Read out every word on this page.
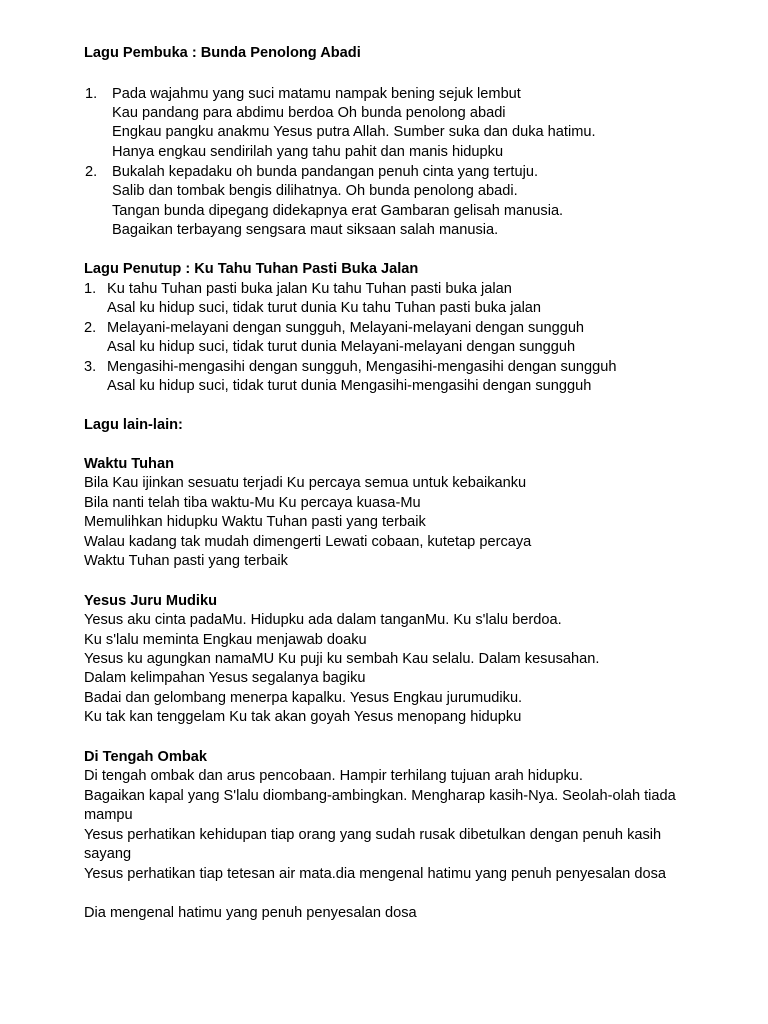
Lagu Pembuka : Bunda Penolong Abadi
1. Pada wajahmu yang suci matamu nampak bening sejuk lembut
Kau pandang para abdimu berdoa Oh bunda penolong abadi
Engkau pangku anakmu Yesus putra Allah. Sumber suka dan duka hatimu.
Hanya engkau sendirilah yang tahu pahit dan manis hidupku
2. Bukalah kepadaku oh bunda pandangan penuh cinta yang tertuju.
Salib dan tombak bengis dilihatnya. Oh bunda penolong abadi.
Tangan bunda dipegang didekapnya erat Gambaran gelisah manusia.
Bagaikan terbayang sengsara maut siksaan salah manusia.
Lagu Penutup : Ku Tahu Tuhan Pasti Buka Jalan
1. Ku tahu Tuhan pasti buka jalan Ku tahu Tuhan pasti buka jalan
Asal ku hidup suci, tidak turut dunia Ku tahu Tuhan pasti buka jalan
2. Melayani-melayani dengan sungguh, Melayani-melayani dengan sungguh
Asal ku hidup suci, tidak turut dunia Melayani-melayani dengan sungguh
3. Mengasihi-mengasihi dengan sungguh, Mengasihi-mengasihi dengan sungguh
Asal ku hidup suci, tidak turut dunia Mengasihi-mengasihi dengan sungguh
Lagu lain-lain:
Waktu Tuhan
Bila Kau ijinkan sesuatu terjadi Ku percaya semua untuk kebaikanku
Bila nanti telah tiba waktu-Mu Ku percaya kuasa-Mu
Memulihkan hidupku Waktu Tuhan pasti yang terbaik
Walau kadang tak mudah dimengerti Lewati cobaan, kutetap percaya
Waktu Tuhan pasti yang terbaik
Yesus Juru Mudiku
Yesus aku cinta padaMu. Hidupku ada dalam tanganMu. Ku s'lalu berdoa.
Ku s'lalu meminta Engkau menjawab doaku
Yesus ku agungkan namaMU Ku puji ku sembah Kau selalu. Dalam kesusahan.
Dalam kelimpahan Yesus segalanya bagiku
Badai dan gelombang menerpa kapalku. Yesus Engkau jurumudiku.
Ku tak kan tenggelam Ku tak akan goyah Yesus menopang hidupku
Di Tengah Ombak
Di tengah ombak dan arus pencobaan. Hampir terhilang tujuan arah hidupku.
Bagaikan kapal yang S'lalu diombang-ambingkan. Mengharap kasih-Nya. Seolah-olah tiada
mampu
Yesus perhatikan kehidupan tiap orang yang sudah rusak dibetulkan dengan penuh kasih
sayang
Yesus perhatikan tiap tetesan air mata.dia mengenal hatimu yang penuh penyesalan dosa
Dia mengenal hatimu yang penuh penyesalan dosa
